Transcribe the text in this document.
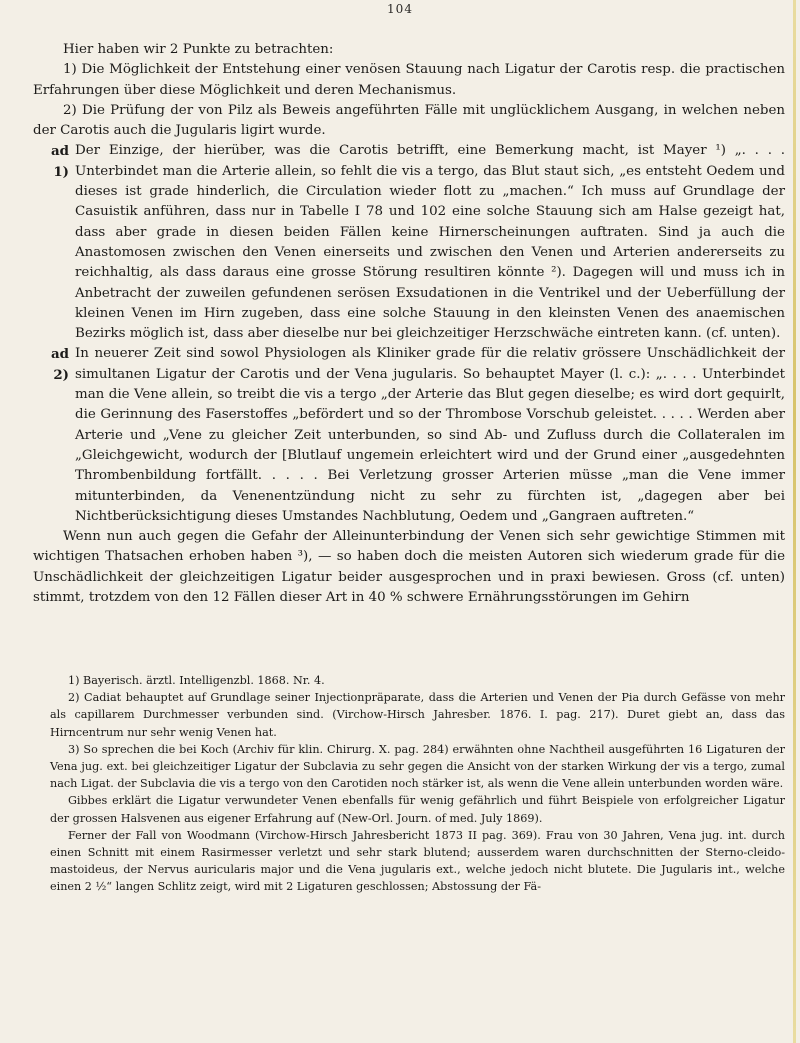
104

Hier haben wir 2 Punkte zu betrachten:

1) Die Möglichkeit der Entstehung einer venösen Stauung nach Ligatur der Carotis resp. die practischen Erfahrungen über diese Möglichkeit und deren Mechanismus.

2) Die Prüfung der von Pilz als Beweis angeführten Fälle mit unglücklichem Ausgang, in welchen neben der Carotis auch die Jugularis ligirt wurde.

ad 1)

Der Einzige, der hierüber, was die Carotis betrifft, eine Bemerkung macht, ist Mayer ¹) „. . . . Unterbindet man die Arterie allein, so fehlt die vis a tergo, das Blut staut sich, „es entsteht Oedem und dieses ist grade hinderlich, die Circulation wieder flott zu „machen.“ Ich muss auf Grundlage der Casuistik anführen, dass nur in Tabelle I 78 und 102 eine solche Stauung sich am Halse gezeigt hat, dass aber grade in diesen beiden Fällen keine Hirnerscheinungen auftraten. Sind ja auch die Anastomosen zwischen den Venen einerseits und zwischen den Venen und Arterien andererseits zu reichhaltig, als dass daraus eine grosse Störung resultiren könnte ²). Dagegen will und muss ich in Anbetracht der zuweilen gefundenen serösen Exsudationen in die Ventrikel und der Ueberfüllung der kleinen Venen im Hirn zugeben, dass eine solche Stauung in den kleinsten Venen des anaemischen Bezirks möglich ist, dass aber dieselbe nur bei gleichzeitiger Herzschwäche eintreten kann. (cf. unten).

ad 2)

In neuerer Zeit sind sowol Physiologen als Kliniker grade für die relativ grössere Unschädlichkeit der simultanen Ligatur der Carotis und der Vena jugularis. So behauptet Mayer (l. c.): „. . . . Unterbindet man die Vene allein, so treibt die vis a tergo „der Arterie das Blut gegen dieselbe; es wird dort gequirlt, die Gerinnung des Faserstoffes „befördert und so der Thrombose Vorschub geleistet. . . . . Werden aber Arterie und „Vene zu gleicher Zeit unterbunden, so sind Ab- und Zufluss durch die Collateralen im „Gleichgewicht, wodurch der [Blutlauf ungemein erleichtert wird und der Grund einer „ausgedehnten Thrombenbildung fortfällt. . . . . Bei Verletzung grosser Arterien müsse „man die Vene immer mitunterbinden, da Venenentzündung nicht zu sehr zu fürchten ist, „dagegen aber bei Nichtberücksichtigung dieses Umstandes Nachblutung, Oedem und „Gangraen auftreten.“

Wenn nun auch gegen die Gefahr der Alleinunterbindung der Venen sich sehr gewichtige Stimmen mit wichtigen Thatsachen erhoben haben ³), — so haben doch die meisten Autoren sich wiederum grade für die Unschädlichkeit der gleichzeitigen Ligatur beider ausgesprochen und in praxi bewiesen. Gross (cf. unten) stimmt, trotzdem von den 12 Fällen dieser Art in 40 % schwere Ernährungsstörungen im Gehirn

1) Bayerisch. ärztl. Intelligenzbl. 1868. Nr. 4.

2) Cadiat behauptet auf Grundlage seiner Injectionpräparate, dass die Arterien und Venen der Pia durch Gefässe von mehr als capillarem Durchmesser verbunden sind. (Virchow-Hirsch Jahresber. 1876. I. pag. 217). Duret giebt an, dass das Hirncentrum nur sehr wenig Venen hat.

3) So sprechen die bei Koch (Archiv für klin. Chirurg. X. pag. 284) erwähnten ohne Nachtheil ausgeführten 16 Ligaturen der Vena jug. ext. bei gleichzeitiger Ligatur der Subclavia zu sehr gegen die Ansicht von der starken Wirkung der vis a tergo, zumal nach Ligat. der Subclavia die vis a tergo von den Carotiden noch stärker ist, als wenn die Vene allein unterbunden worden wäre.

Gibbes erklärt die Ligatur verwundeter Venen ebenfalls für wenig gefährlich und führt Beispiele von erfolgreicher Ligatur der grossen Halsvenen aus eigener Erfahrung auf (New-Orl. Journ. of med. July 1869).

Ferner der Fall von Woodmann (Virchow-Hirsch Jahresbericht 1873 II pag. 369). Frau von 30 Jahren, Vena jug. int. durch einen Schnitt mit einem Rasirmesser verletzt und sehr stark blutend; ausserdem waren durchschnitten der Sterno-cleido-mastoideus, der Nervus auricularis major und die Vena jugularis ext., welche jedoch nicht blutete. Die Jugularis int., welche einen 2 ½“ langen Schlitz zeigt, wird mit 2 Ligaturen geschlossen; Abstossung der Fä-
